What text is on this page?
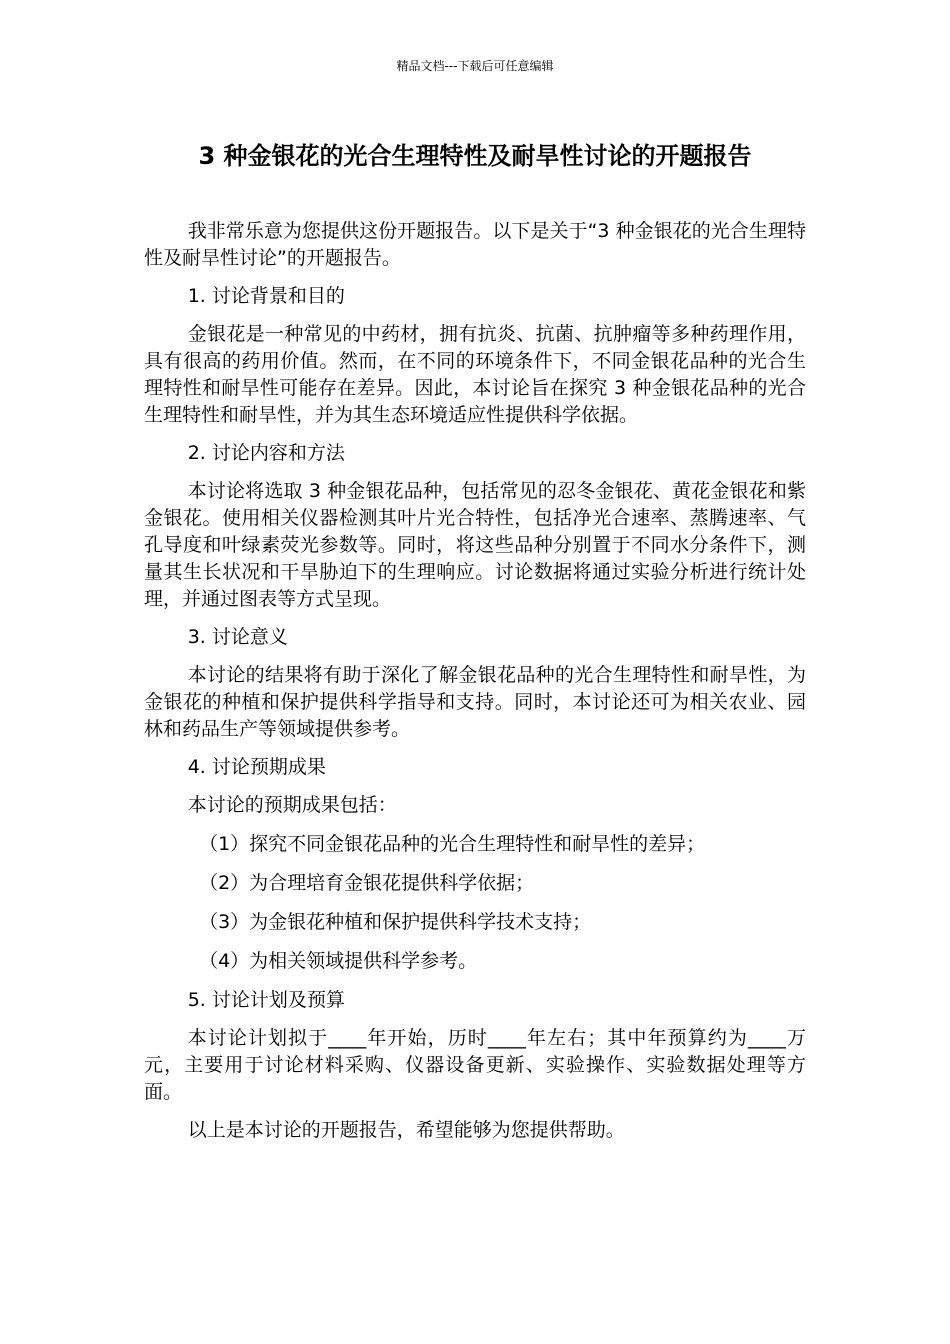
精品文档---下载后可任意编辑
3 种金银花的光合生理特性及耐旱性讨论的开题报告

我非常乐意为您提供这份开题报告。以下是关于“3 种金银花的光合生理特性及耐旱性讨论”的开题报告。

1. 讨论背景和目的

金银花是一种常见的中药材，拥有抗炎、抗菌、抗肿瘤等多种药理作用，具有很高的药用价值。然而，在不同的环境条件下，不同金银花品种的光合生理特性和耐旱性可能存在差异。因此，本讨论旨在探究 3 种金银花品种的光合生理特性和耐旱性，并为其生态环境适应性提供科学依据。

2. 讨论内容和方法

本讨论将选取 3 种金银花品种，包括常见的忍冬金银花、黄花金银花和紫金银花。使用相关仪器检测其叶片光合特性，包括净光合速率、蒸腾速率、气孔导度和叶绿素荧光参数等。同时，将这些品种分别置于不同水分条件下，测量其生长状况和干旱胁迫下的生理响应。讨论数据将通过实验分析进行统计处理，并通过图表等方式呈现。

3. 讨论意义

本讨论的结果将有助于深化了解金银花品种的光合生理特性和耐旱性，为金银花的种植和保护提供科学指导和支持。同时，本讨论还可为相关农业、园林和药品生产等领域提供参考。

4. 讨论预期成果

本讨论的预期成果包括：

（1）探究不同金银花品种的光合生理特性和耐旱性的差异；

（2）为合理培育金银花提供科学依据；

（3）为金银花种植和保护提供科学技术支持；

（4）为相关领域提供科学参考。

5. 讨论计划及预算

本讨论计划拟于____年开始，历时____年左右；其中年预算约为____万元，主要用于讨论材料采购、仪器设备更新、实验操作、实验数据处理等方面。

以上是本讨论的开题报告，希望能够为您提供帮助。
